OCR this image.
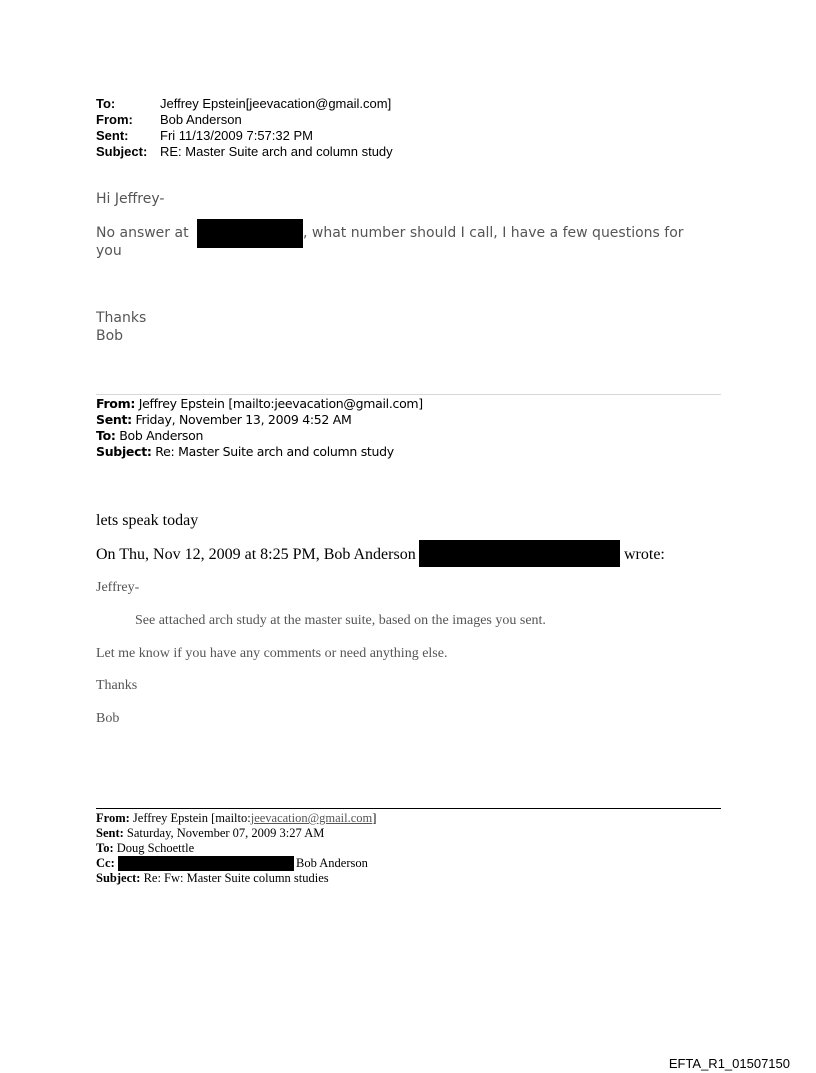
To:	Jeffrey Epstein[jeevacation@gmail.com]
From: Bob Anderson
Sent: Fri 11/13/2009 7:57:32 PM
Subject: RE: Master Suite arch and column study
Hi Jeffrey-
No answer at	, what number should I call, I have a few questions for
you
Thanks
Bob
From: Jeffrey Epstein [mailto:jeevacation@gmail.com]
Sent: Friday, November 13, 2009 4:52 AM
To: Bob Anderson
Subject: Re: Master Suite arch and column study
lets speak today
On Thu, Nov 12, 2009 at 8:25 PM, Bob Anderson	wrote:
Jeffrey-
See attached arch study at the master suite, based on the images you sent.
Let me know if you have any comments or need anything else.
Thanks
Bob
From: Jeffrey Epstein [mailto:jeevacation@gmail.com]
Sent: Saturday, November 07, 2009 3:27 AM
To: Doug Schoettle
Cc:	Bob Anderson
Subject: Re: Fw: Master Suite column studies
EFTA_R1_01507150
